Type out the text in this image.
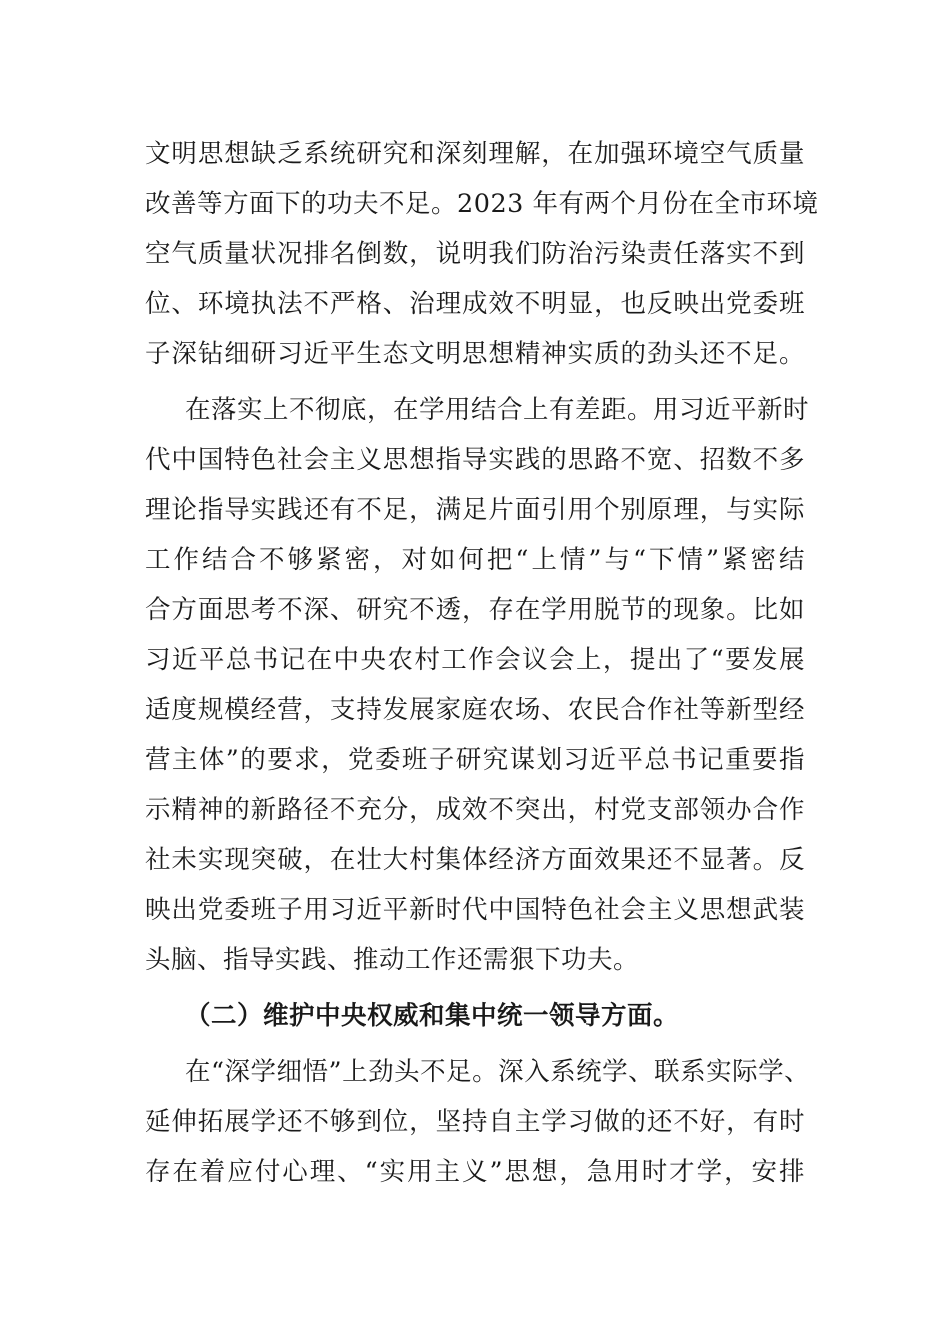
文明思想缺乏系统研究和深刻理解，在加强环境空气质量
改善等方面下的功夫不足。2023 年有两个月份在全市环境
空气质量状况排名倒数，说明我们防治污染责任落实不到
位、环境执法不严格、治理成效不明显，也反映出党委班
子深钻细研习近平生态文明思想精神实质的劲头还不足。
在落实上不彻底，在学用结合上有差距。用习近平新时
代中国特色社会主义思想指导实践的思路不宽、招数不多
理论指导实践还有不足，满足片面引用个别原理，与实际
工作结合不够紧密，对如何把“上情”与“下情”紧密结
合方面思考不深、研究不透，存在学用脱节的现象。比如
习近平总书记在中央农村工作会议会上，提出了“要发展
适度规模经营，支持发展家庭农场、农民合作社等新型经
营主体”的要求，党委班子研究谋划习近平总书记重要指
示精神的新路径不充分，成效不突出，村党支部领办合作
社未实现突破，在壮大村集体经济方面效果还不显著。反
映出党委班子用习近平新时代中国特色社会主义思想武装
头脑、指导实践、推动工作还需狠下功夫。
（二）维护中央权威和集中统一领导方面。
在“深学细悟”上劲头不足。深入系统学、联系实际学、
延伸拓展学还不够到位，坚持自主学习做的还不好，有时
存在着应付心理、“实用主义”思想，急用时才学，安排
